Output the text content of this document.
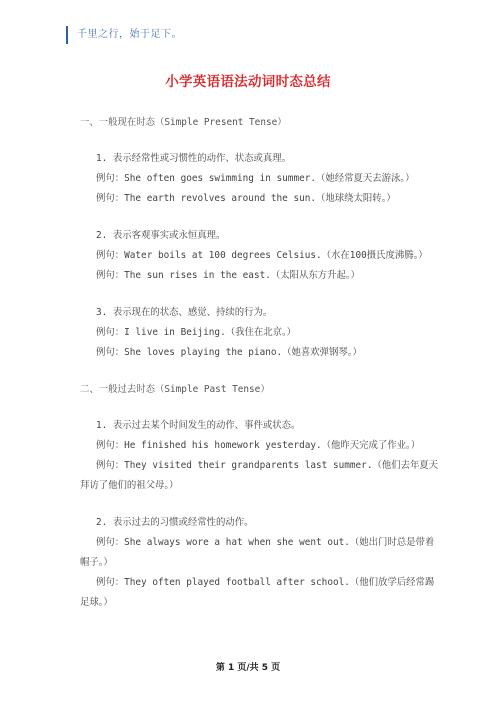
千里之行，始于足下。
小学英语语法动词时态总结
一、一般现在时态（Simple Present Tense）
1. 表示经常性或习惯性的动作、状态或真理。
例句：She often goes swimming in summer.（她经常夏天去游泳。）
例句：The earth revolves around the sun.（地球绕太阳转。）
2. 表示客观事实或永恒真理。
例句：Water boils at 100 degrees Celsius.（水在100摄氏度沸腾。）
例句：The sun rises in the east.（太阳从东方升起。）
3. 表示现在的状态、感觉、持续的行为。
例句：I live in Beijing.（我住在北京。）
例句：She loves playing the piano.（她喜欢弹钢琴。）
二、一般过去时态（Simple Past Tense）
1. 表示过去某个时间发生的动作、事件或状态。
例句：He finished his homework yesterday.（他昨天完成了作业。）
例句：They visited their grandparents last summer.（他们去年夏天
拜访了他们的祖父母。）
2. 表示过去的习惯或经常性的动作。
例句：She always wore a hat when she went out.（她出门时总是带着
帽子。）
例句：They often played football after school.（他们放学后经常踢
足球。）
第 1 页/共 5 页
